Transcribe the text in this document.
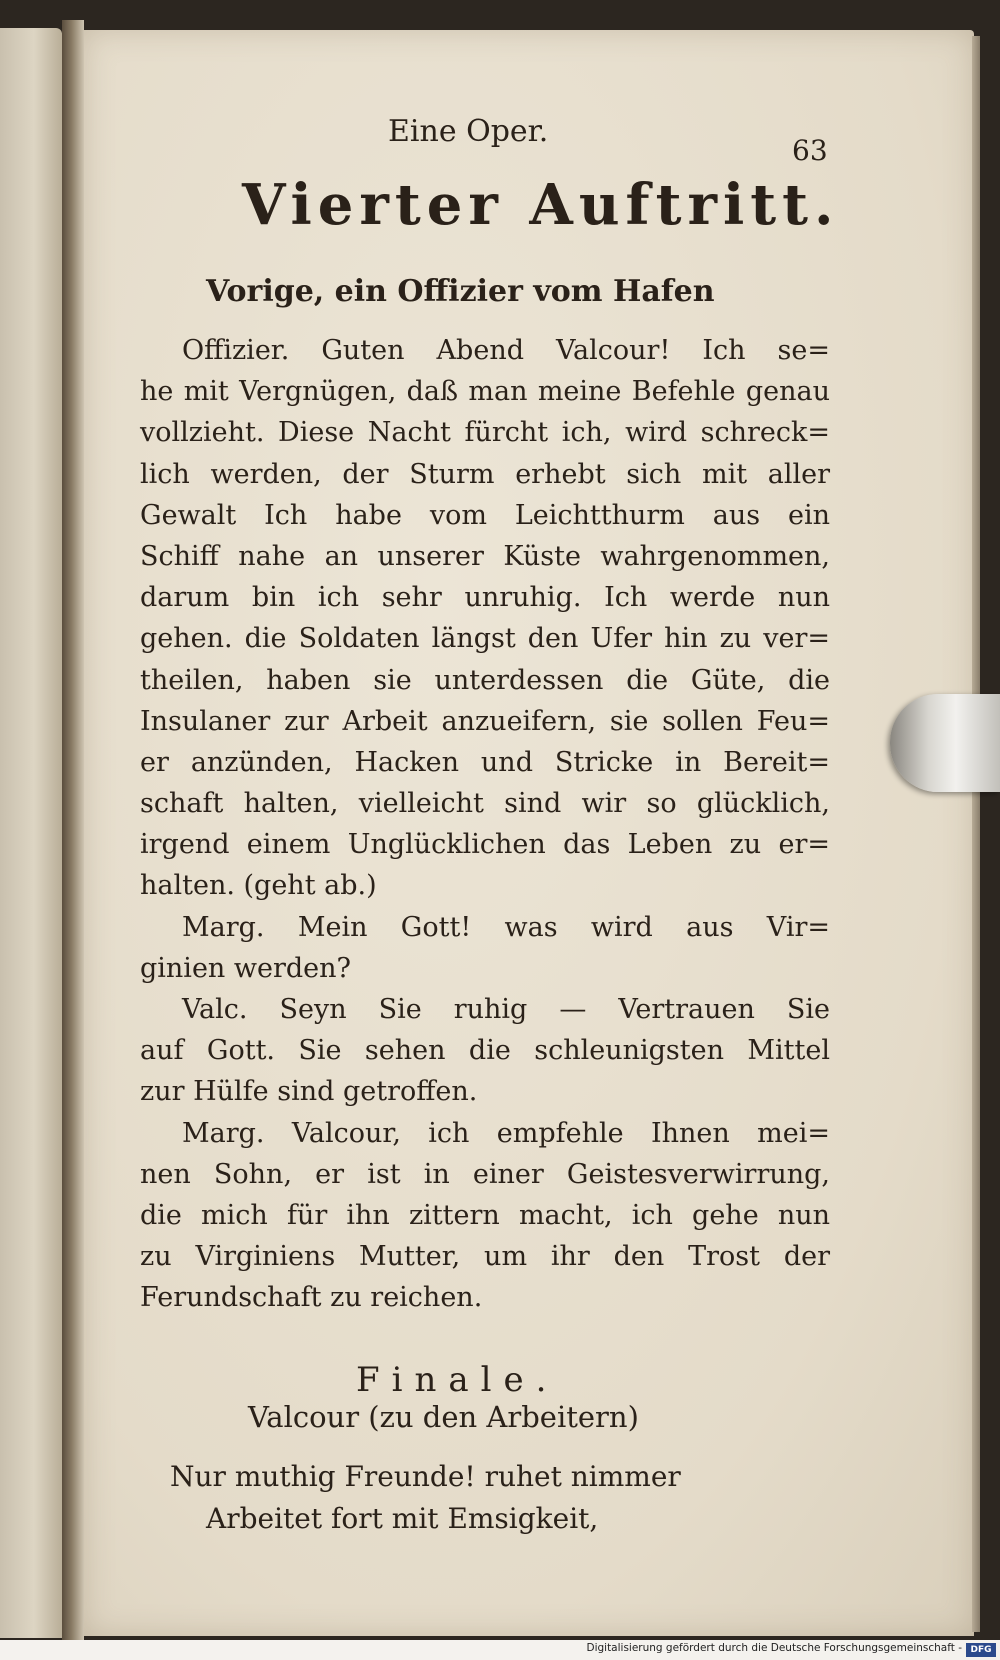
Eine Oper.
63
Vierter Auftritt.
Vorige, ein Offizier vom Hafen
Offizier. Guten Abend Valcour! Ich se=
he mit Vergnügen, daß man meine Befehle genau
vollzieht. Diese Nacht fürcht ich, wird schreck=
lich werden, der Sturm erhebt sich mit aller
Gewalt Ich habe vom Leichtthurm aus ein
Schiff nahe an unserer Küste wahrgenommen,
darum bin ich sehr unruhig. Ich werde nun
gehen. die Soldaten längst den Ufer hin zu ver=
theilen, haben sie unterdessen die Güte, die
Insulaner zur Arbeit anzueifern, sie sollen Feu=
er anzünden, Hacken und Stricke in Bereit=
schaft halten, vielleicht sind wir so glücklich,
irgend einem Unglücklichen das Leben zu er=
halten. (geht ab.)
Marg. Mein Gott! was wird aus Vir=
ginien werden?
Valc. Seyn Sie ruhig — Vertrauen Sie
auf Gott. Sie sehen die schleunigsten Mittel
zur Hülfe sind getroffen.
Marg. Valcour, ich empfehle Ihnen mei=
nen Sohn, er ist in einer Geistesverwirrung,
die mich für ihn zittern macht, ich gehe nun
zu Virginiens Mutter, um ihr den Trost der
Ferundschaft zu reichen.
Finale.
Valcour (zu den Arbeitern)
Nur muthig Freunde! ruhet nimmer
Arbeitet fort mit Emsigkeit,
Digitalisierung gefördert durch die Deutsche Forschungsgemeinschaft - DFG
